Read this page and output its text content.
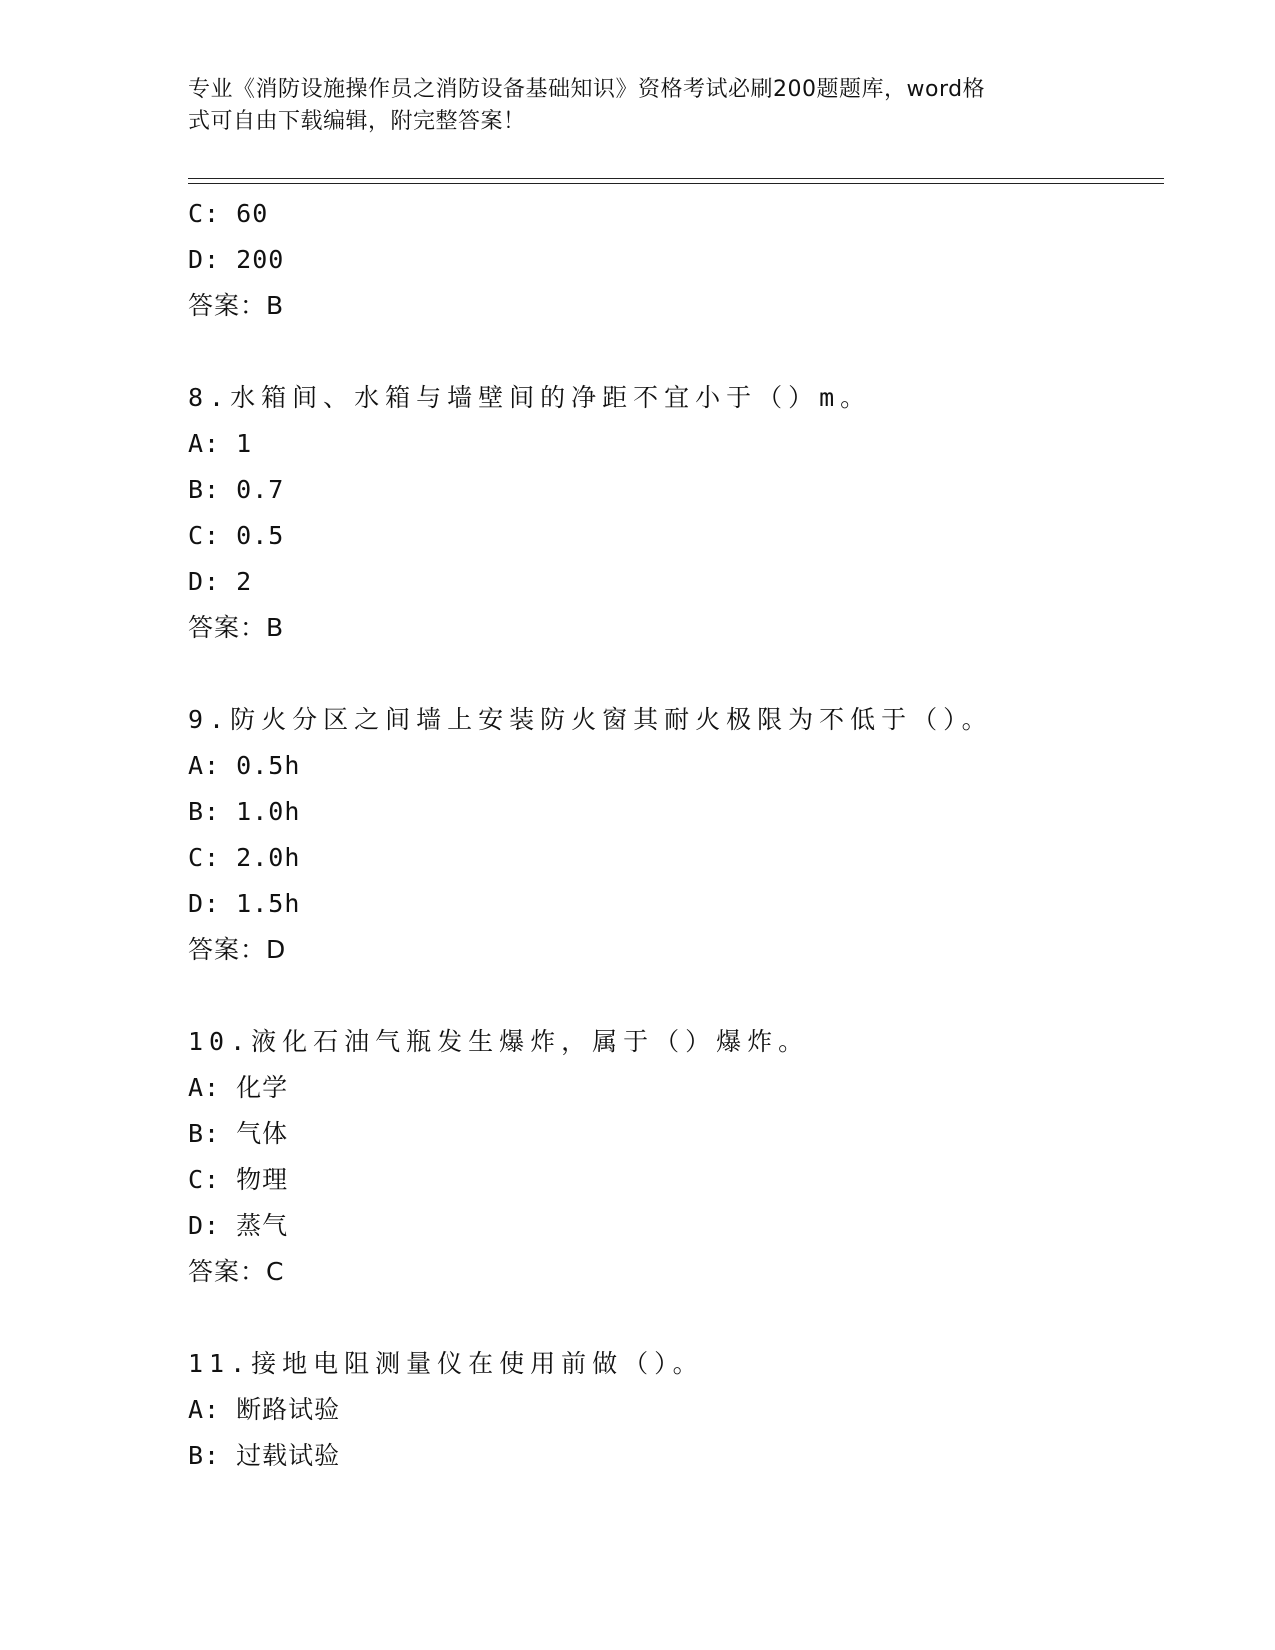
专业《消防设施操作员之消防设备基础知识》资格考试必刷200题题库，word格
式可自由下载编辑，附完整答案！
C: 60
D: 200
答案：B
8.水箱间、水箱与墙壁间的净距不宜小于（）m。
A: 1
B: 0.7
C: 0.5
D: 2
答案：B
9.防火分区之间墙上安装防火窗其耐火极限为不低于（）。
A: 0.5h
B: 1.0h
C: 2.0h
D: 1.5h
答案：D
10.液化石油气瓶发生爆炸，属于（）爆炸。
A: 化学
B: 气体
C: 物理
D: 蒸气
答案：C
11.接地电阻测量仪在使用前做（）。
A: 断路试验
B: 过载试验
